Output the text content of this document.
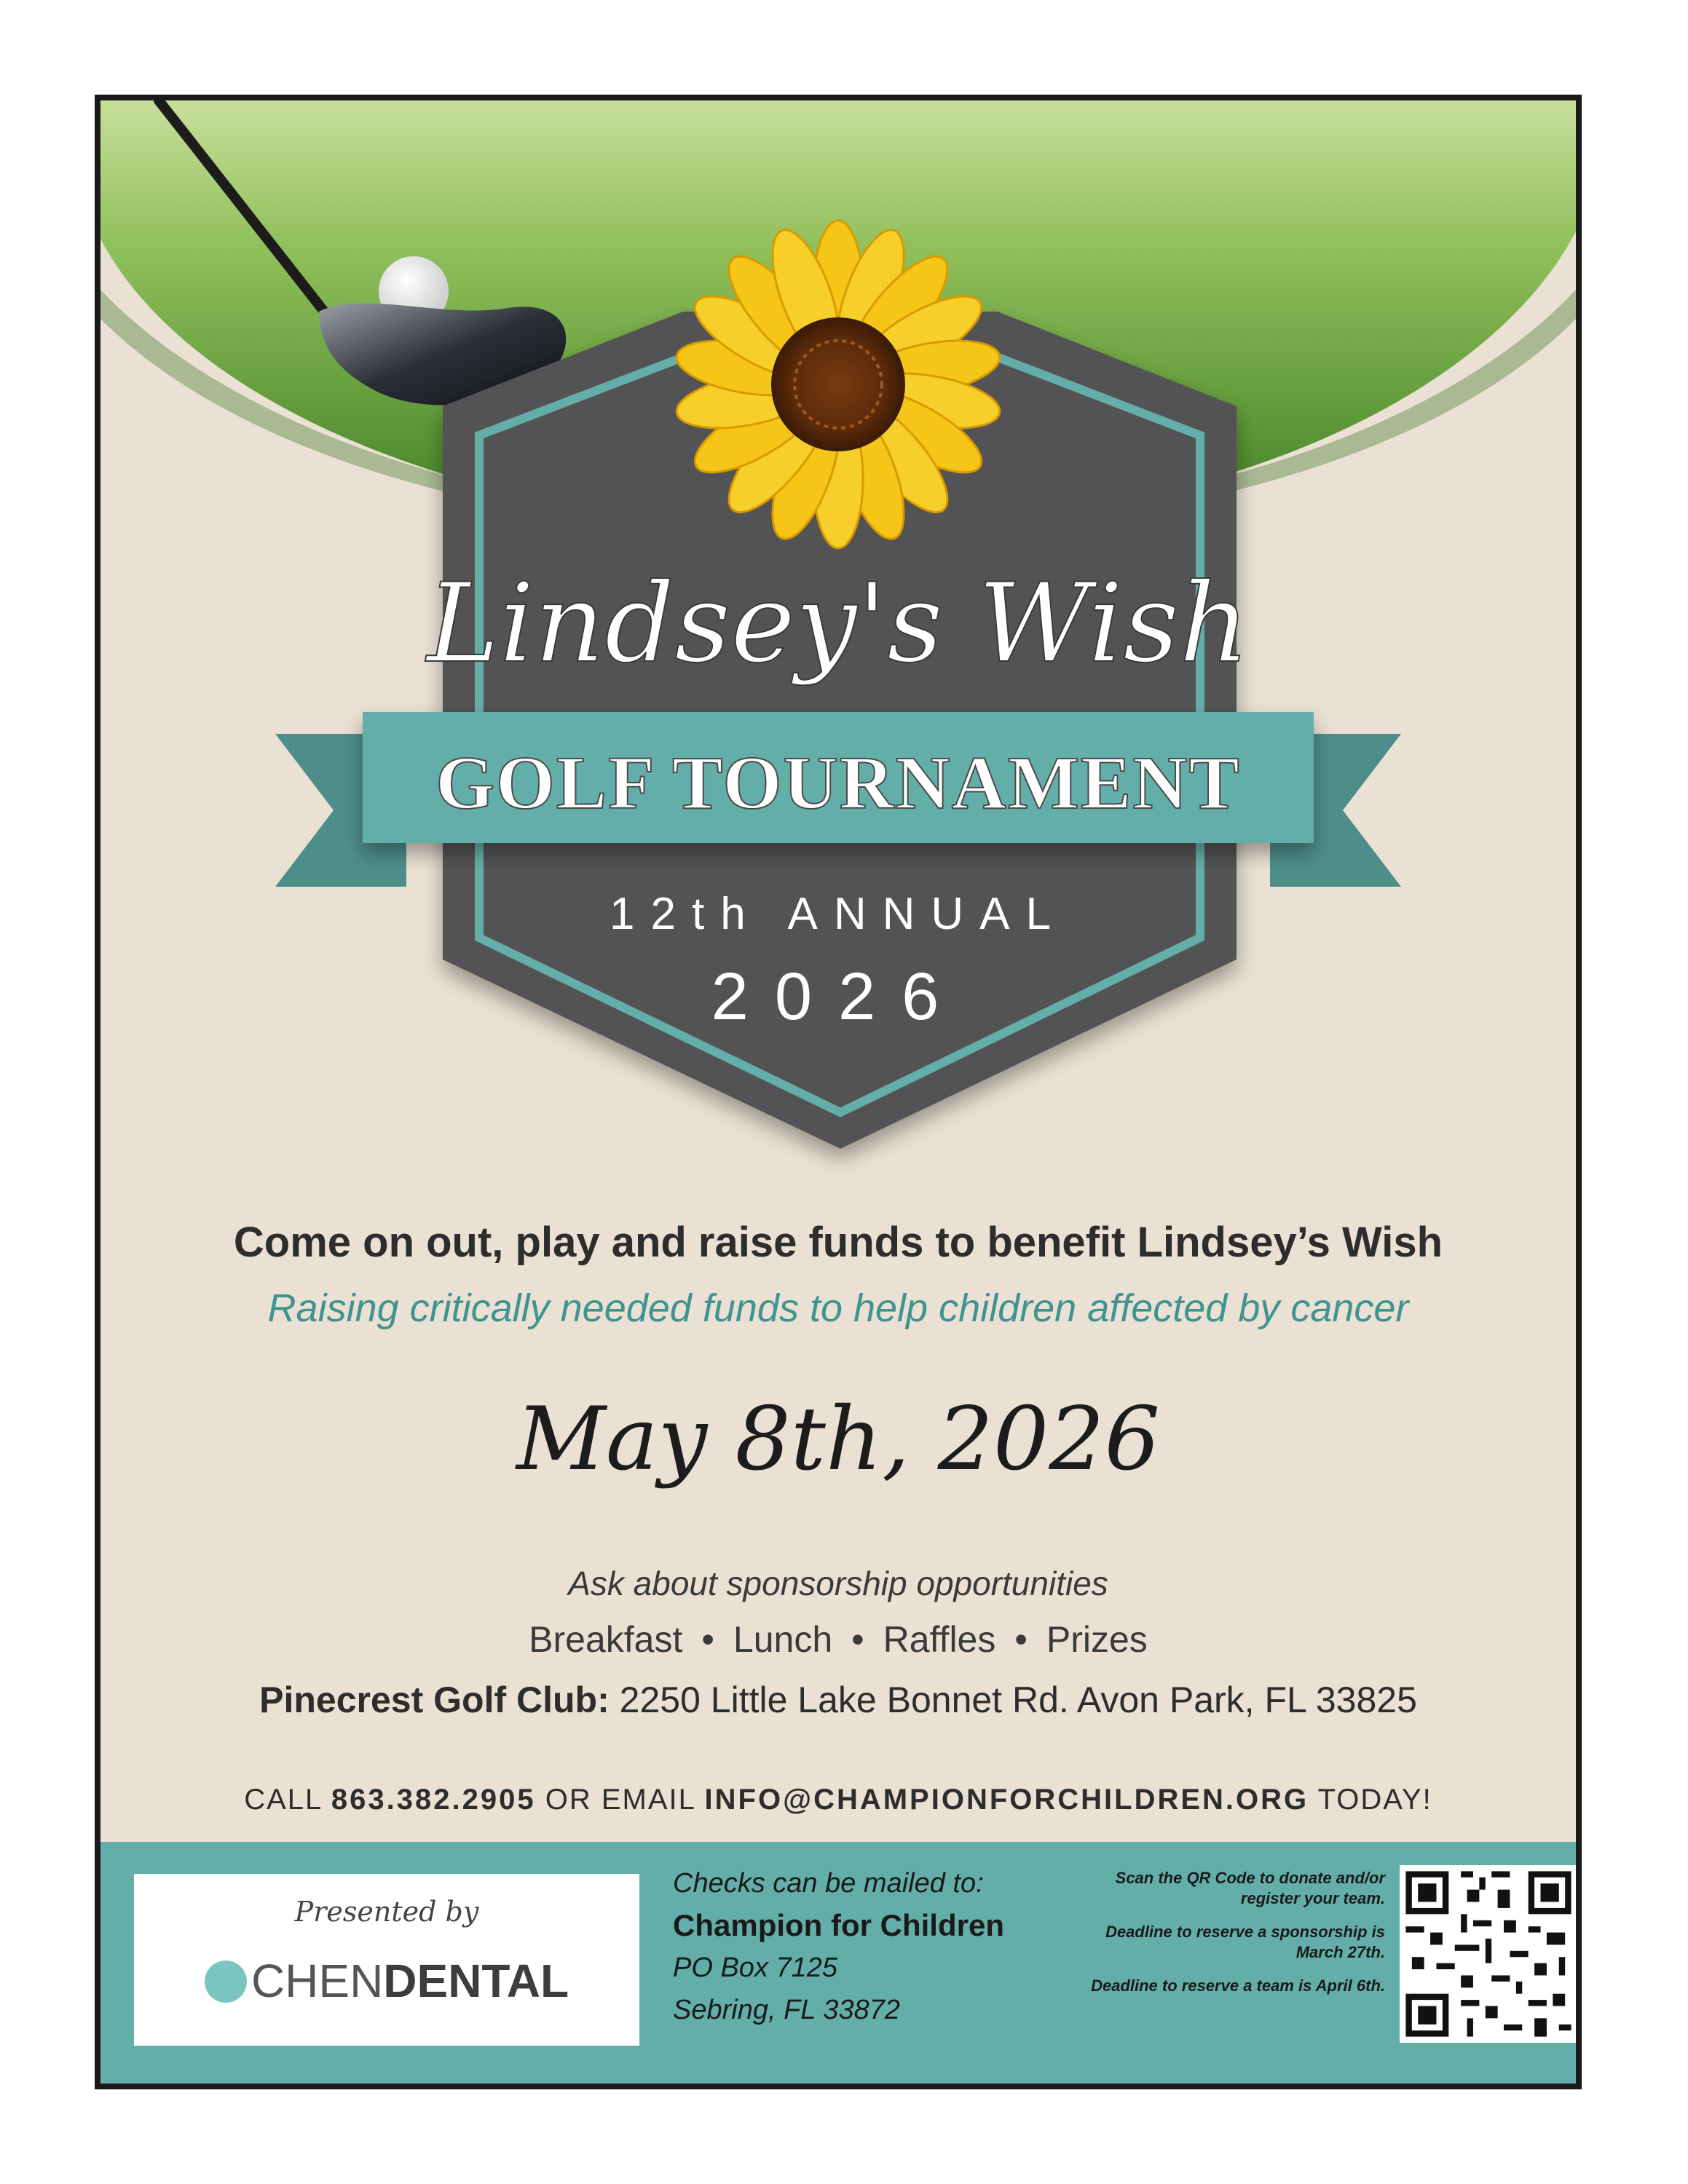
Lindsey's Wish
GOLF TOURNAMENT
12th ANNUAL
2026
Come on out, play and raise funds to benefit Lindsey’s Wish
Raising critically needed funds to help children affected by cancer
May 8th, 2026
Ask about sponsorship opportunities
Breakfast • Lunch • Raffles • Prizes
Pinecrest Golf Club: 2250 Little Lake Bonnet Rd. Avon Park, FL 33825
CALL 863.382.2905 OR EMAIL INFO@CHAMPIONFORCHILDREN.ORG TODAY!
Presented by
CHENDENTAL
Checks can be mailed to:
Champion for Children
PO Box 7125
Sebring, FL 33872

Scan the QR Code to donate and/or register your team.

Deadline to reserve a sponsorship is March 27th.

Deadline to reserve a team is April 6th.
